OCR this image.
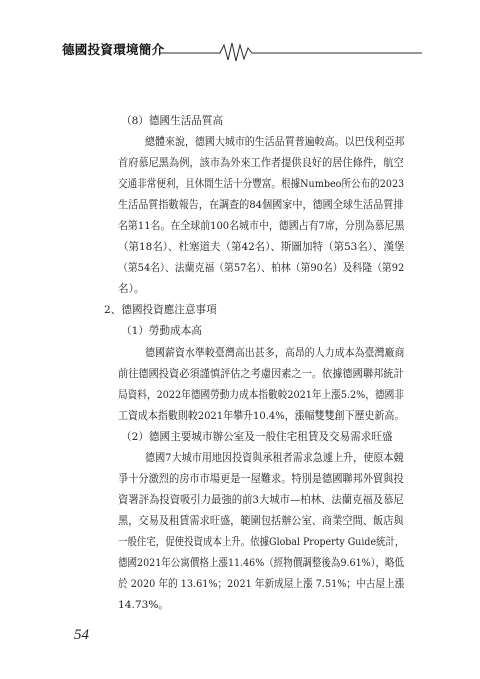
德國投資環境簡介
（8）德國生活品質高
總體來說，德國大城市的生活品質普遍較高。以巴伐利亞邦
首府慕尼黑為例，該市為外來工作者提供良好的居住條件，航空
交通非常便利，且休閒生活十分豐富。根據Numbeo所公布的2023
生活品質指數報告，在調查的84個國家中，德國全球生活品質排
名第11名。在全球前100名城市中，德國占有7席，分別為慕尼黑
（第18名）、杜塞道夫（第42名）、斯圖加特（第53名）、漢堡
（第54名）、法蘭克福（第57名）、柏林（第90名）及科隆（第92
名）。
2、德國投資應注意事項
（1）勞動成本高
德國薪資水準較臺灣高出甚多，高昂的人力成本為臺灣廠商
前往德國投資必須謹慎評估之考慮因素之一。依據德國聯邦統計
局資料，2022年德國勞動力成本指數較2021年上漲5.2%，德國非
工資成本指數則較2021年攀升10.4%，漲幅雙雙創下歷史新高。
（2）德國主要城市辦公室及一般住宅租賃及交易需求旺盛
德國7大城市用地因投資與承租者需求急遽上升，使原本競
爭十分激烈的房市市場更是一屋難求。特別是德國聯邦外貿與投
資署評為投資吸引力最強的前3大城市—柏林、法蘭克福及慕尼
黑，交易及租賃需求旺盛，範圍包括辦公室、商業空間、飯店與
一般住宅，促使投資成本上升。依據Global Property Guide統計，
德國2021年公寓價格上漲11.46%（經物價調整後為9.61%），略低
於 2020 年的 13.61%；2021 年新成屋上漲 7.51%；中古屋上漲
14.73%。
54
